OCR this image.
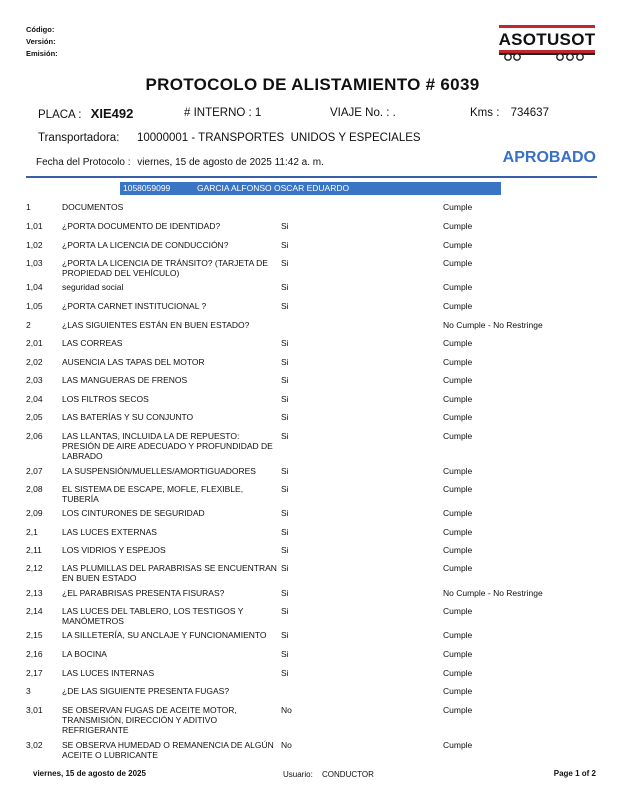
Código:
Versión:
Emisión:
ASOTUSOT
PROTOCOLO DE ALISTAMIENTO # 6039
PLACA : XIE492	# INTERNO : 1	VIAJE No. : .	Kms : 734637
Transportadora: 10000001 - TRANSPORTES  UNIDOS Y ESPECIALES
Fecha del Protocolo : viernes, 15 de agosto de 2025 11:42 a. m.	APROBADO
1058059099	GARCIA ALFONSO OSCAR EDUARDO
1	DOCUMENTOS	Cumple
1,01 ¿PORTA DOCUMENTO DE IDENTIDAD?	Si	Cumple
1,02 ¿PORTA LA LICENCIA DE CONDUCCIÓN?	Si	Cumple
1,03 ¿PORTA LA LICENCIA DE TRÁNSITO? (TARJETA DE PROPIEDAD DEL VEHÍCULO)
Si	Cumple
1,04 seguridad social	Si	Cumple
1,05 ¿PORTA CARNET INSTITUCIONAL ?	Si	Cumple
2	¿LAS SIGUIENTES ESTÁN EN BUEN ESTADO?	No Cumple - No Restringe
2,01 LAS CORREAS	Si	Cumple
2,02 AUSENCIA LAS TAPAS DEL MOTOR	Si	Cumple
2,03 LAS MANGUERAS DE FRENOS	Si	Cumple
2,04 LOS FILTROS SECOS	Si	Cumple
2,05 LAS BATERÍAS Y SU CONJUNTO	Si	Cumple
2,06 LAS LLANTAS, INCLUIDA LA DE REPUESTO: PRESIÓN DE AIRE ADECUADO Y PROFUNDIDAD DE LABRADO
Si	Cumple
2,07 LA SUSPENSIÓN/MUELLES/AMORTIGUADORES	Si	Cumple
2,08 EL SISTEMA DE ESCAPE, MOFLE, FLEXIBLE, TUBERÍA
Si	Cumple
2,09 LOS CINTURONES DE SEGURIDAD	Si	Cumple
2,1	LAS LUCES EXTERNAS	Si	Cumple
2,11 LOS VIDRIOS Y ESPEJOS	Si	Cumple
2,12 LAS PLUMILLAS DEL PARABRISAS SE ENCUENTRAN EN BUEN ESTADO
Si	Cumple
2,13 ¿EL PARABRISAS PRESENTA FISURAS?	Si	No Cumple - No Restringe
2,14 LAS LUCES DEL TABLERO, LOS TESTIGOS Y MANÓMETROS
Si	Cumple
2,15 LA SILLETERÍA, SU ANCLAJE Y FUNCIONAMIENTO	Si	Cumple
2,16 LA BOCINA	Si	Cumple
2,17 LAS LUCES INTERNAS	Si	Cumple
3	¿DE LAS SIGUIENTE PRESENTA FUGAS?	Cumple
3,01 SE OBSERVAN FUGAS DE ACEITE MOTOR, TRANSMISIÓN, DIRECCIÓN Y ADITIVO REFRIGERANTE
No	Cumple
3,02 SE OBSERVA HUMEDAD O REMANENCIA DE ALGÚN ACEITE O LUBRICANTE
No	Cumple
viernes, 15 de agosto de 2025	Usuario: CONDUCTOR	Page 1 of 2
